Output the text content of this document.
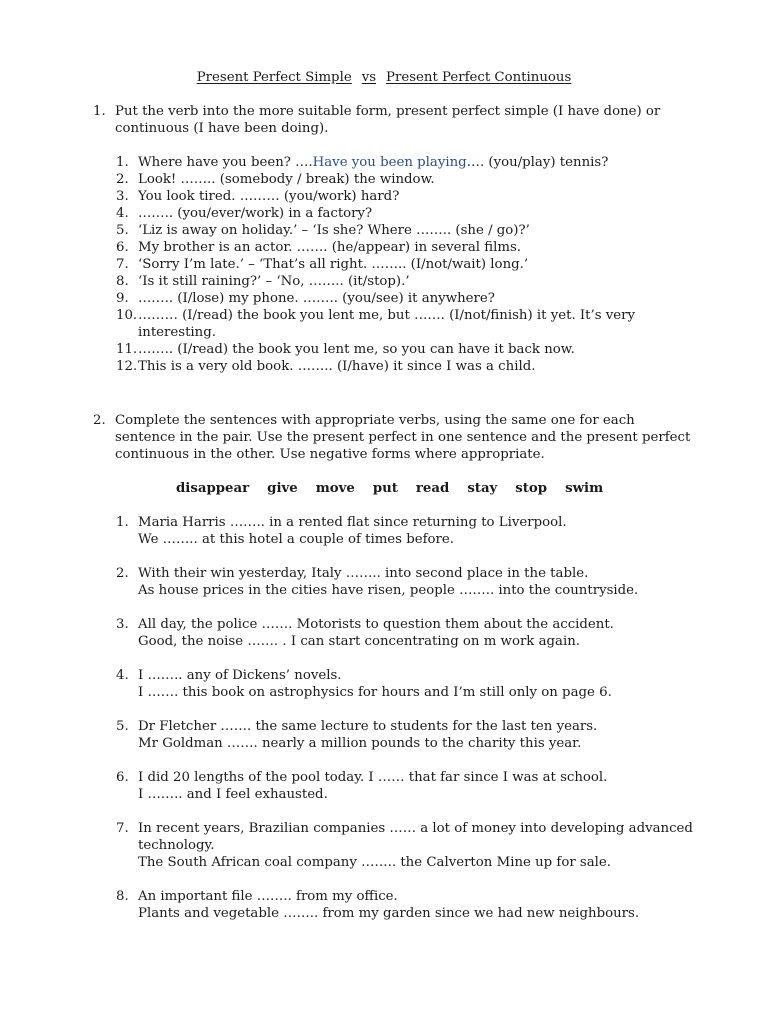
Present Perfect Simple vs Present Perfect Continuous
1. Put the verb into the more suitable form, present perfect simple (I have done) or continuous (I have been doing).
1. Where have you been? ….Have you been playing…. (you/play) tennis?
2. Look! …….. (somebody / break) the window.
3. You look tired. ……… (you/work) hard?
4. …….. (you/ever/work) in a factory?
5. ‘Liz is away on holiday.’ – ‘Is she? Where …….. (she / go)?’
6. My brother is an actor. ……. (he/appear) in several films.
7. ‘Sorry I’m late.’ – ‘That’s all right. …….. (I/not/wait) long.’
8. ‘Is it still raining?’ – ‘No, …….. (it/stop).’
9. …….. (I/lose) my phone. …….. (you/see) it anywhere?
10. ……… (I/read) the book you lent me, but ……. (I/not/finish) it yet. It’s very interesting.
11. …….. (I/read) the book you lent me, so you can have it back now.
12. This is a very old book. …….. (I/have) it since I was a child.
2. Complete the sentences with appropriate verbs, using the same one for each sentence in the pair. Use the present perfect in one sentence and the present perfect continuous in the other. Use negative forms where appropriate.
disappear give move put read stay stop swim
1. Maria Harris …….. in a rented flat since returning to Liverpool.
We …….. at this hotel a couple of times before.
2. With their win yesterday, Italy …….. into second place in the table.
As house prices in the cities have risen, people …….. into the countryside.
3. All day, the police ……. Motorists to question them about the accident.
Good, the noise ……. . I can start concentrating on m work again.
4. I …….. any of Dickens’ novels.
I ……. this book on astrophysics for hours and I’m still only on page 6.
5. Dr Fletcher ……. the same lecture to students for the last ten years.
Mr Goldman ……. nearly a million pounds to the charity this year.
6. I did 20 lengths of the pool today. I …… that far since I was at school.
I …….. and I feel exhausted.
7. In recent years, Brazilian companies …… a lot of money into developing advanced technology.
The South African coal company …….. the Calverton Mine up for sale.
8. An important file …….. from my office.
Plants and vegetable …….. from my garden since we had new neighbours.
